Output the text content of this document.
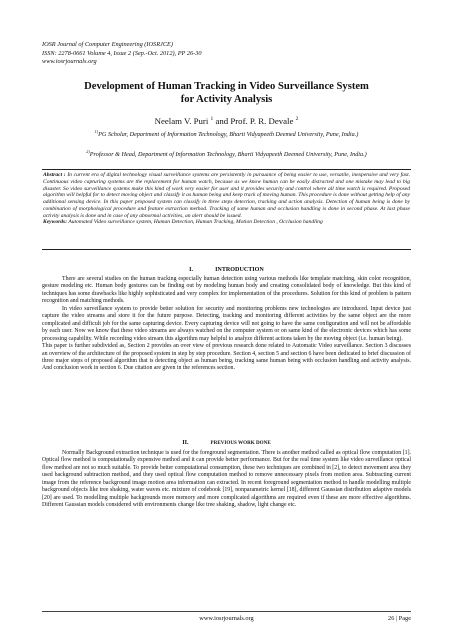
IOSR Journal of Computer Engineering (IOSRJCE)
ISSN: 2278-0661 Volume 4, Issue 2 (Sep.-Oct. 2012), PP 26-30
www.iosrjournals.org
Development of Human Tracking in Video Surveillance System
for Activity Analysis
Neelam V. Puri $^1$ and Prof. P. R. Devale $^2$
$^{1)}$PG Scholar, Department of Information Technology, Bharti Vidyapeeth Deemed University, Pune, India.)
$^{2)}$Professor & Head, Department of Information Technology, Bharti Vidyapeeth Deemed University, Pune, India.)

Abstract : In current era of digital technology visual surveillance systems are persistently in pursuance of being easier to use, versatile, inexpensive and very fast. Continuous video capturing systems are the replacement for human watch, because as we know human can be easily distracted and one mistake may lead to big disaster. So video surveillance systems make this kind of work very easier for user and it provides security and control where all time watch is required. Proposed algorithm will helpful for to detect moving object and classify it as human being and keep track of moving human. This procedure is done without getting help of any additional sensing device. In this paper proposed system can classify in three steps detection, tracking and action analysis. Detection of human being is done by combination of morphological procedure and feature extraction method. Tracking of same human and occlusion handling is done in second phase. At last phase activity analysis is done and in case of any abnormal activities, an alert should be issued.

Keywords: Automated Video surveillance system, Human Detection, Human Tracking, Motion Detection , Occlusion handling

I.	INTRODUCTION

There are several studies on the human tracking especially human detection using various methods like template matching, skin color recognition, gesture modeling etc. Human body gestures can be finding out by modeling human body and creating consolidated body of knowledge. But this kind of techniques has some drawbacks like highly sophisticated and very complex for implementation of the procedures. Solution for this kind of problem is pattern recognition and matching methods.

In video surveillance system to provide better solution for security and monitoring problems new technologies are introduced. Input device just capture the video streams and store it for the future purpose. Detecting, tracking and monitoring different activities by the same object are the more complicated and difficult job for the same capturing device. Every capturing device will not going to have the same configuration and will not be affordable by each user. Now we know that these video streams are always watched on the computer system or on same kind of the electronic devices which has some processing capability. While recording video stream this algorithm may helpful to analyze different actions taken by the moving object (i.e. human being).

This paper is further subdivided as, Section 2 provides an over view of previous research done related to Automatic Video surveillance. Section 3 discusses an overview of the architecture of the proposed system in step by step procedure. Section 4, section 5 and section 6 have been dedicated to brief discussion of three major steps of proposed algorithm that is detecting object as human being, tracking same human being with occlusion handling and activity analysis. And conclusion work in section 6. Due citation are given in the references section.

II.	PREVIOUS WORK DONE

Normally Background extraction technique is used for the foreground segmentation. There is another method called as optical flow computation [1]. Optical flow method is computationally expensive method and it can provide better performance. But for the real time system like video surveillance optical flow method are not so much suitable. To provide better computational consumption, these two techniques are combined in [2], to detect movement area they used background subtraction method, and they used optical flow computation method to remove unnecessary pixels from motion area. Subtracting current image from the reference background image motion area information can extracted. In recent foreground segmentation method to handle modelling multiple background objects like tree shaking, water waves etc. mixture of codebook [19], nonparametric kernel [18], different Gaussian distribution adaptive models [20] are used. To modelling multiple backgrounds more memory and more complicated algorithms are required even if these are more effective algorithms. Different Gaussian models considered with environments change like tree shaking, shadow, light change etc.

www.iosrjournals.org	26 | Page
